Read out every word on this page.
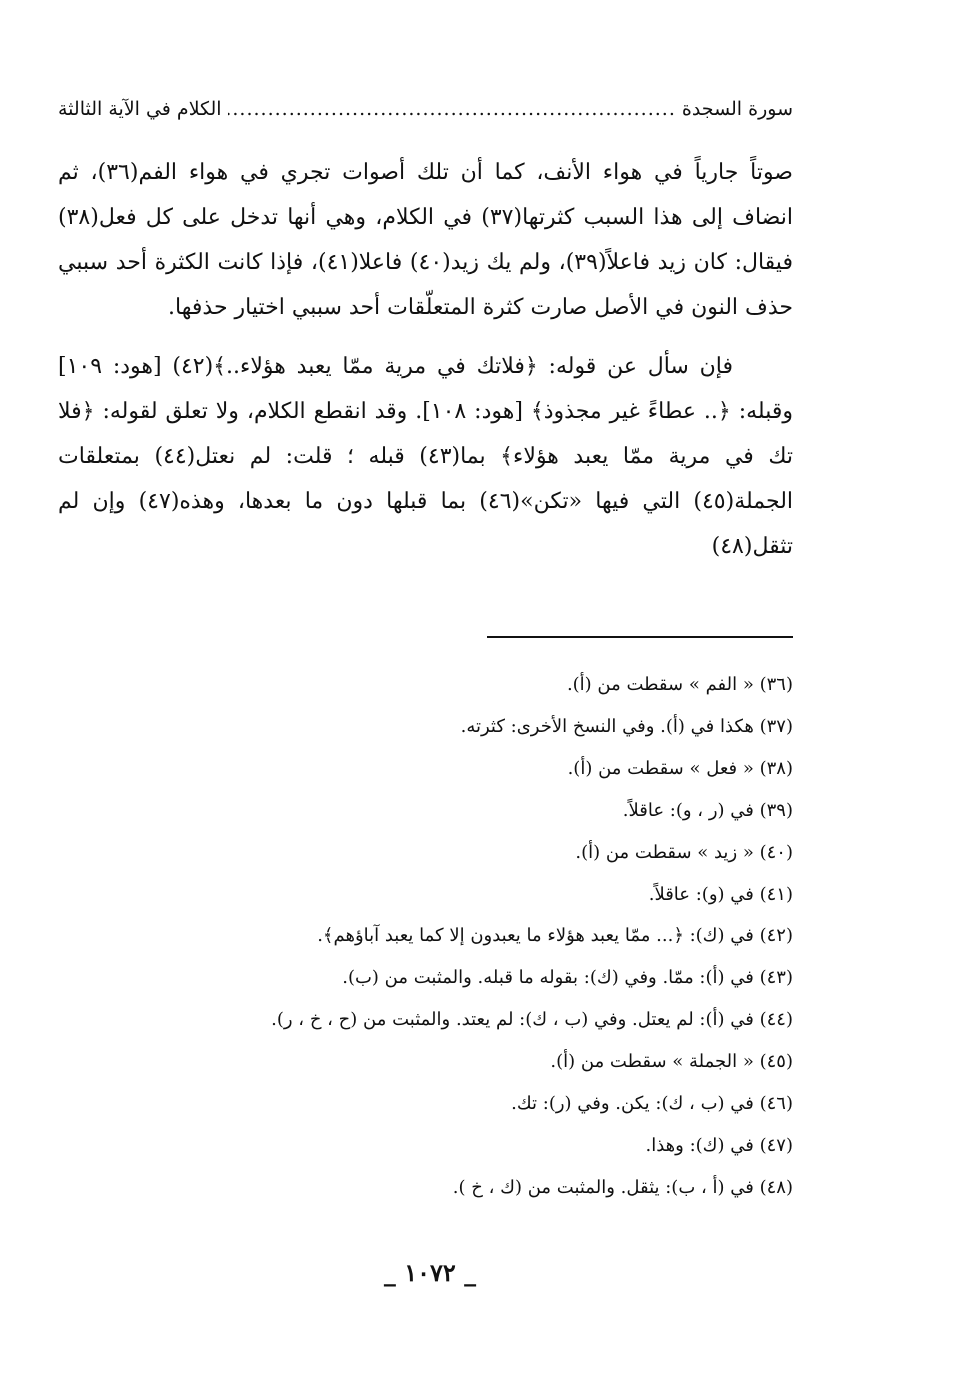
سورة السجدة
.....
الكلام في الآية الثالثة

صوتاً جارياً في هواء الأنف، كما أن تلك أصوات تجري في هواء الفم(٣٦)، ثم انضاف إلى هذا السبب كثرتها(٣٧) في الكلام، وهي أنها تدخل على كل فعل(٣٨) فيقال: كان زيد فاعلاً(٣٩)، ولم يك زيد(٤٠) فاعلا(٤١)، فإذا كانت الكثرة أحد سببي حذف النون في الأصل صارت كثرة المتعلّقات أحد سببي اختيار حذفها.

فإن سأل عن قوله: ﴿فلاتك في مرية ممّا يعبد هؤلاء..﴾(٤٢) [هود: ١٠٩] وقبله: ﴿.. عطاءً غير مجذوذ﴾ [هود: ١٠٨]. وقد انقطع الكلام، ولا تعلق لقوله: ﴿فلا تك في مرية ممّا يعبد هؤلاء﴾ بما(٤٣) قبله ؛ قلت: لم نعتل(٤٤) بمتعلقات الجملة(٤٥) التي فيها «تكن»(٤٦) بما قبلها دون ما بعدها، وهذه(٤٧) وإن لم تثقل(٤٨)

(٣٦) « الفم » سقطت من (أ).
(٣٧) هكذا في (أ). وفي النسخ الأخرى: كثرته.
(٣٨) « فعل » سقطت من (أ).
(٣٩) في (ر ، و): عاقلاً.
(٤٠) « زيد » سقطت من (أ).
(٤١) في (و): عاقلاً.
(٤٢) في (ك): ﴿... ممّا يعبد هؤلاء ما يعبدون إلا كما يعبد آباؤهم﴾.
(٤٣) في (أ): ممّا. وفي (ك): بقوله ما قبله. والمثبت من (ب).
(٤٤) في (أ): لم يعتل. وفي (ب ، ك): لم يعتد. والمثبت من (ح ، خ ، ر).
(٤٥) « الجملة » سقطت من (أ).
(٤٦) في (ب ، ك): يكن. وفي (ر): تك.
(٤٧) في (ك): وهذا.
(٤٨) في (أ ، ب): يثقل. والمثبت من (ك ، خ ).
_ ١٠٧٢ _
